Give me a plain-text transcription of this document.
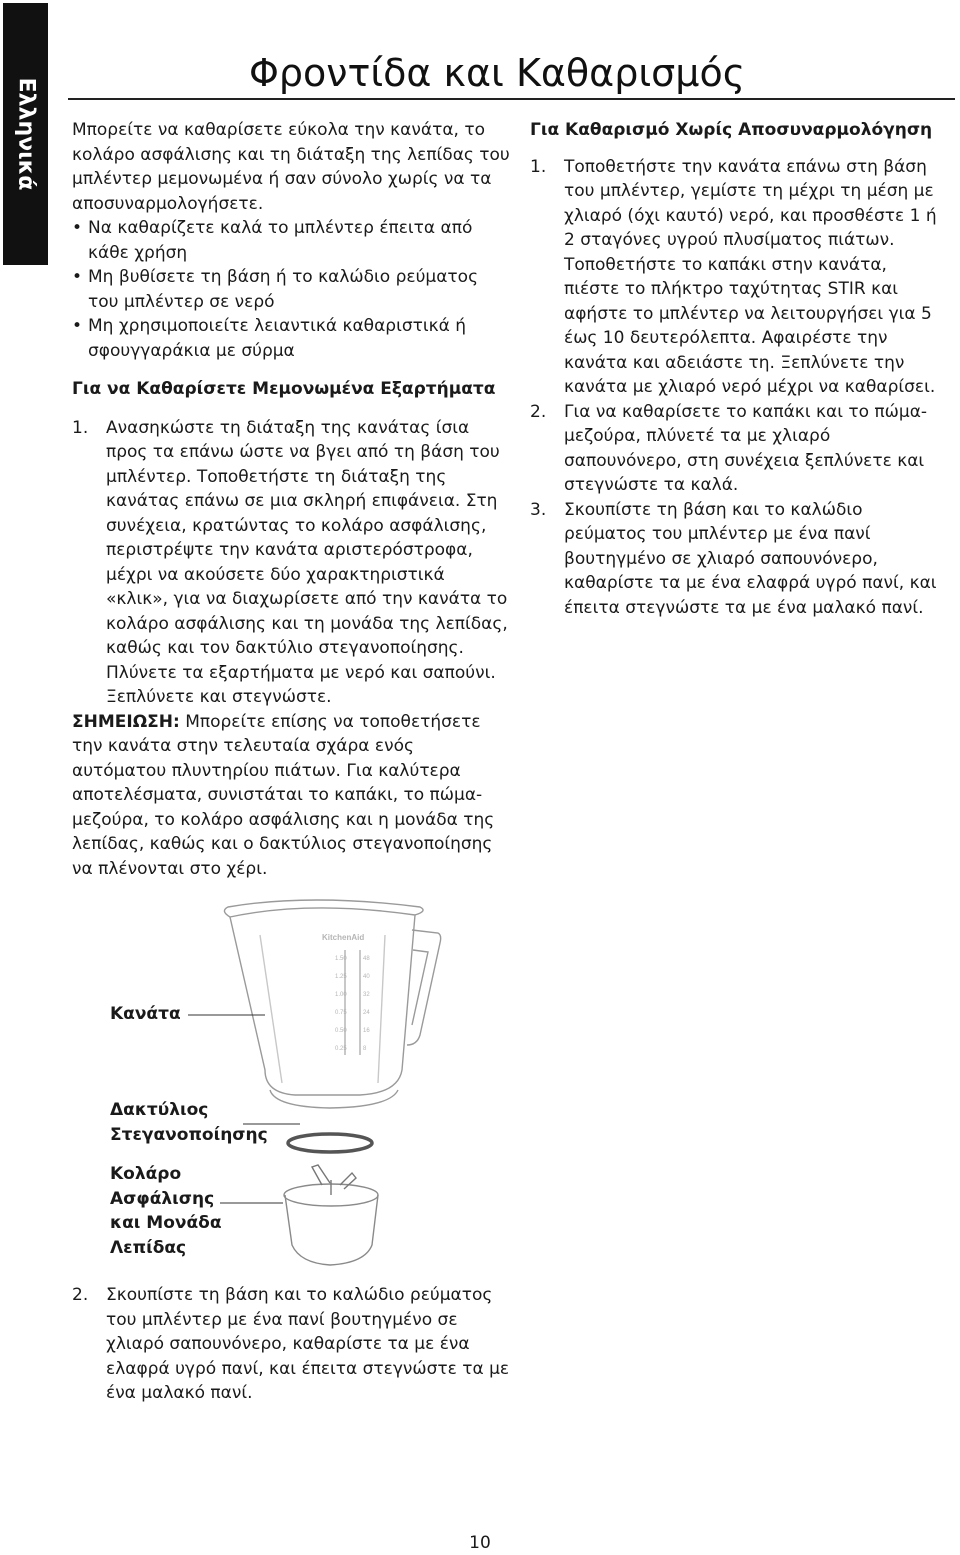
Ελληνικά
Φροντίδα και Καθαρισμός

Μπορείτε να καθαρίσετε εύκολα την κανάτα, το κολάρο ασφάλισης και τη διάταξη της λεπίδας του μπλέντερ μεμονωμένα ή σαν σύνολο χωρίς να τα αποσυναρμολογήσετε.

• Να καθαρίζετε καλά το μπλέντερ έπειτα από κάθε χρήση
• Μη βυθίσετε τη βάση ή το καλώδιο ρεύματος του μπλέντερ σε νερό
• Μη χρησιμοποιείτε λειαντικά καθαριστικά ή σφουγγαράκια με σύρμα

Για να Καθαρίσετε Μεμονωμένα Εξαρτήματα

1. Ανασηκώστε τη διάταξη της κανάτας ίσια προς τα επάνω ώστε να βγει από τη βάση του μπλέντερ. Τοποθετήστε τη διάταξη της κανάτας επάνω σε μια σκληρή επιφάνεια. Στη συνέχεια, κρατώντας το κολάρο ασφάλισης, περιστρέψτε την κανάτα αριστερόστροφα, μέχρι να ακούσετε δύο χαρακτηριστικά «κλικ», για να διαχωρίσετε από την κανάτα το κολάρο ασφάλισης και τη μονάδα της λεπίδας, καθώς και τον δακτύλιο στεγανοποίησης. Πλύνετε τα εξαρτήματα με νερό και σαπούνι. Ξεπλύνετε και στεγνώστε.

ΣΗΜΕΙΩΣΗ: Μπορείτε επίσης να τοποθετήσετε την κανάτα στην τελευταία σχάρα ενός αυτόματου πλυντηρίου πιάτων. Για καλύτερα αποτελέσματα, συνιστάται το καπάκι, το πώμα-μεζούρα, το κολάρο ασφάλισης και η μονάδα της λεπίδας, καθώς και ο δακτύλιος στεγανοποίησης να πλένονται στο χέρι.

Για Καθαρισμό Χωρίς Αποσυναρμολόγηση

1. Τοποθετήστε την κανάτα επάνω στη βάση του μπλέντερ, γεμίστε τη μέχρι τη μέση με χλιαρό (όχι καυτό) νερό, και προσθέστε 1 ή 2 σταγόνες υγρού πλυσίματος πιάτων. Τοποθετήστε το καπάκι στην κανάτα, πιέστε το πλήκτρο ταχύτητας STIR και αφήστε το μπλέντερ να λειτουργήσει για 5 έως 10 δευτερόλεπτα. Αφαιρέστε την κανάτα και αδειάστε τη. Ξεπλύνετε την κανάτα με χλιαρό νερό μέχρι να καθαρίσει.
2. Για να καθαρίσετε το καπάκι και το πώμα-μεζούρα, πλύνετέ τα με χλιαρό σαπουνόνερο, στη συνέχεια ξεπλύνετε και στεγνώστε τα καλά.
3. Σκουπίστε τη βάση και το καλώδιο ρεύματος του μπλέντερ με ένα πανί βουτηγμένο σε χλιαρό σαπουνόνερο, καθαρίστε τα με ένα ελαφρά υγρό πανί, και έπειτα στεγνώστε τα με ένα μαλακό πανί.
KitchenAid
1.50
1.25
1.00
0.75
0.50
0.25
48
40
32
24
16
8
Κανάτα
Δακτύλιος Στεγανοποίησης
Κολάρο Ασφάλισης και Μονάδα Λεπίδας
2. Σκουπίστε τη βάση και το καλώδιο ρεύματος του μπλέντερ με ένα πανί βουτηγμένο σε χλιαρό σαπουνόνερο, καθαρίστε τα με ένα ελαφρά υγρό πανί, και έπειτα στεγνώστε τα με ένα μαλακό πανί.
10
